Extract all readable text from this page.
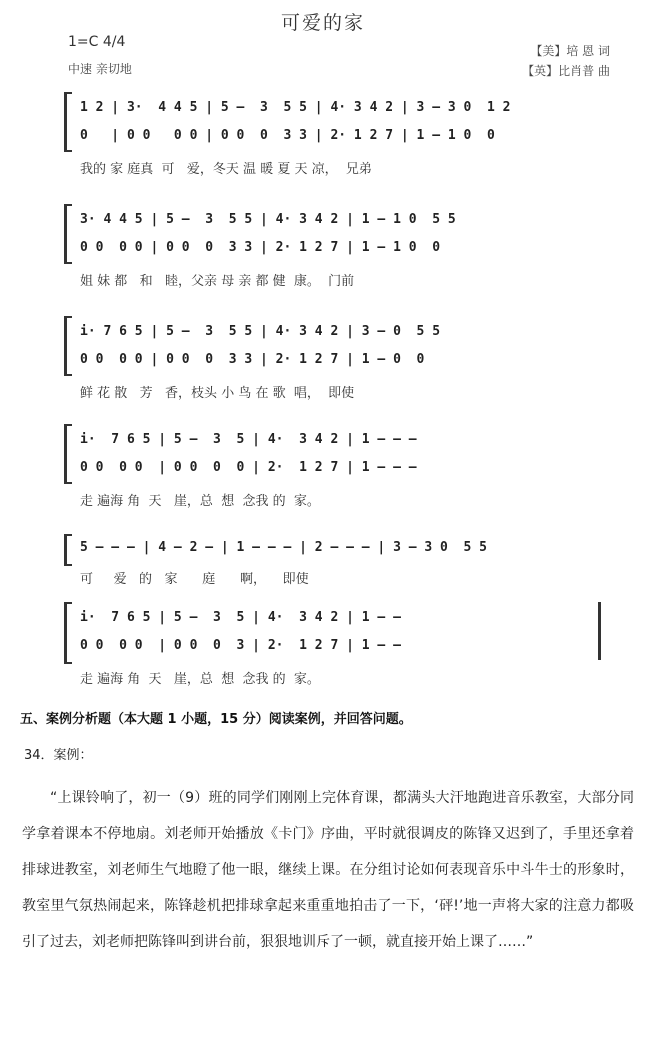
可爱的家
1=C 4/4
中速 亲切地
【美】培 恩 词
【英】比肖普 曲
1 2 | 3·  4 4 5 | 5 –  3  5 5 | 4· 3 4 2 | 3 – 3 0  1 2
0   | 0 0   0 0 | 0 0  0  3 3 | 2· 1 2 7 | 1 – 1 0  0
我的 家 庭真  可   爱，冬天 温 暖 夏 天 凉，  兄弟
3· 4 4 5 | 5 –  3  5 5 | 4· 3 4 2 | 1 – 1 0  5 5
0 0  0 0 | 0 0  0  3 3 | 2· 1 2 7 | 1 – 1 0  0
姐 妹 都   和   睦，父亲 母 亲 都 健  康。  门前
i· 7 6 5 | 5 –  3  5 5 | 4· 3 4 2 | 3 – 0  5 5
0 0  0 0 | 0 0  0  3 3 | 2· 1 2 7 | 1 – 0  0
鲜 花 散   芳   香，枝头 小 鸟 在 歌  唱，  即使
i·  7 6 5 | 5 –  3  5 | 4·  3 4 2 | 1 – – –
0 0  0 0  | 0 0  0  0 | 2·  1 2 7 | 1 – – –
走 遍海 角  天   崖，总  想  念我 的  家。
5 – – – | 4 – 2 – | 1 – – – | 2 – – – | 3 – 3 0  5 5
可     爱   的   家      庭      啊，    即使
i·  7 6 5 | 5 –  3  5 | 4·  3 4 2 | 1 – –
0 0  0 0  | 0 0  0  3 | 2·  1 2 7 | 1 – –
走 遍海 角  天   崖，总  想  念我 的  家。
五、案例分析题（本大题 1 小题，15 分）阅读案例，并回答问题。
34．案例：

“上课铃响了，初一（9）班的同学们刚刚上完体育课，都满头大汗地跑进音乐教室，大部分同学拿着课本不停地扇。刘老师开始播放《卡门》序曲，平时就很调皮的陈锋又迟到了，手里还拿着排球进教室，刘老师生气地瞪了他一眼，继续上课。在分组讨论如何表现音乐中斗牛士的形象时，教室里气氛热闹起来，陈锋趁机把排球拿起来重重地拍击了一下，‘砰!’地一声将大家的注意力都吸引了过去，刘老师把陈锋叫到讲台前，狠狠地训斥了一顿，就直接开始上课了……”
